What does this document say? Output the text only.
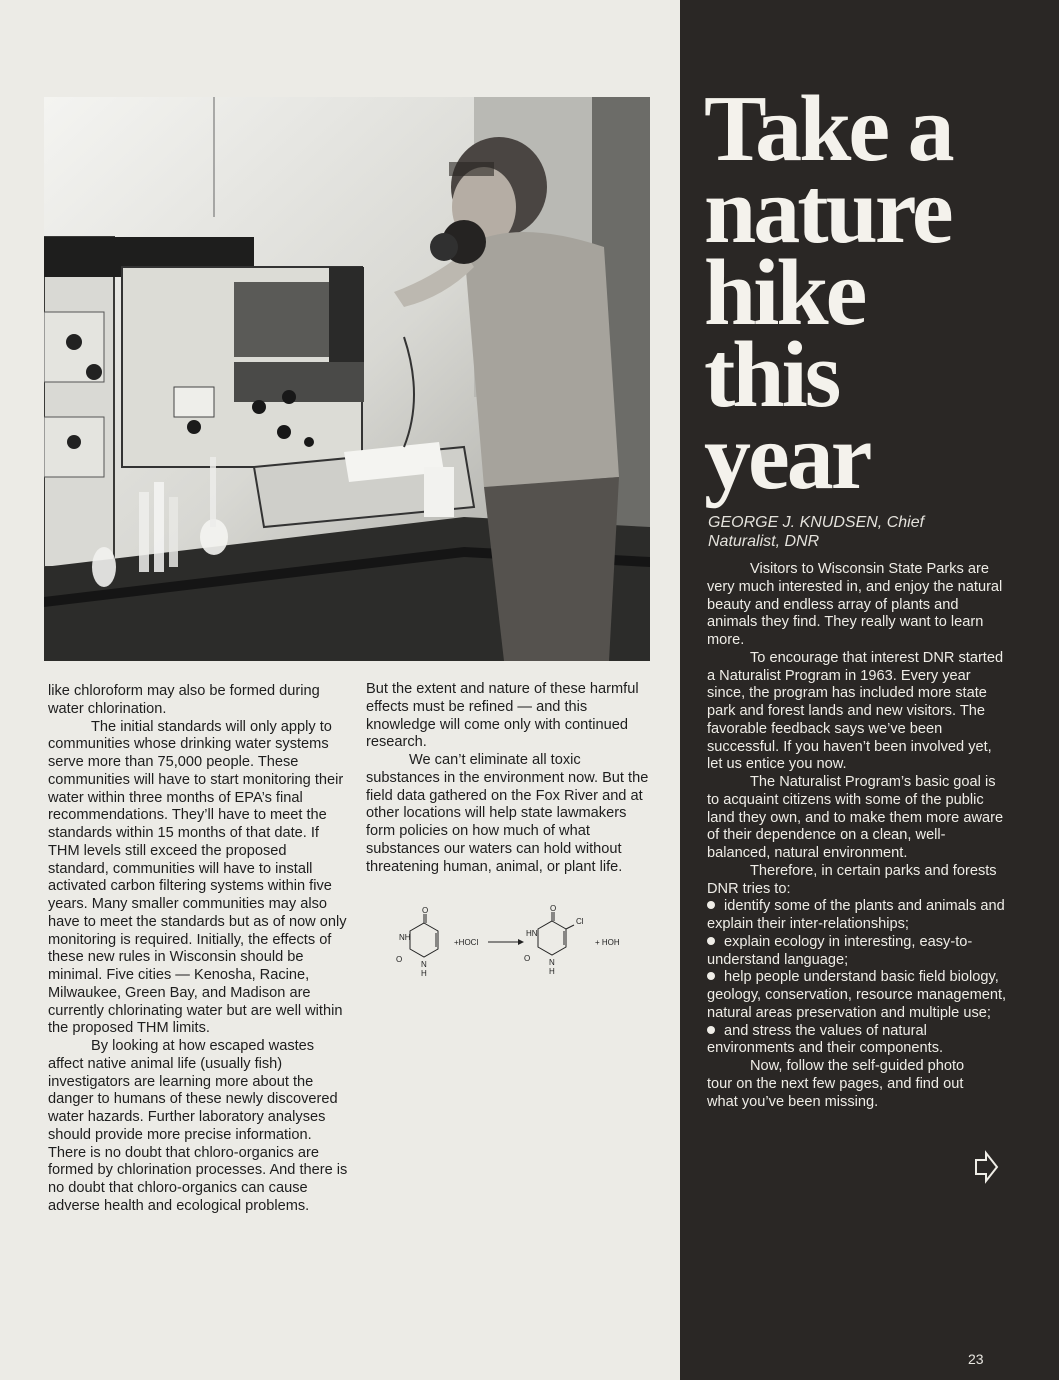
like chloroform may also be formed during water chlorination.

The initial standards will only apply to communities whose drinking water systems serve more than 75,000 people. These communities will have to start monitoring their water within three months of EPA’s final recommendations. They’ll have to meet the standards within 15 months of that date. If THM levels still exceed the proposed standard, communities will have to install activated carbon filtering systems within five years. Many smaller communities may also have to meet the standards but as of now only monitoring is required. Initially, the effects of these new rules in Wisconsin should be minimal. Five cities — Kenosha, Racine, Milwaukee, Green Bay, and Madison are currently chlorinating water but are well within the proposed THM limits.

By looking at how escaped wastes affect native animal life (usually fish) investigators are learning more about the danger to humans of these newly discovered water hazards. Further laboratory analyses should provide more precise information. There is no doubt that chloro-organics are formed by chlorination processes. And there is no doubt that chloro-organics can cause adverse health and ecological problems.

But the extent and nature of these harmful effects must be refined — and this knowledge will come only with continued research.

We can’t eliminate all toxic substances in the environment now. But the field data gathered on the Fox River and at other locations will help state lawmakers form policies on how much of what substances our waters can hold without threatening human, animal, or plant life.

O
NH
O
N
H
+HOCl
O
Cl
HN
O N
H
+ HOH
Take a
nature
hike
this
year
GEORGE J. KNUDSEN, Chief
Naturalist, DNR

Visitors to Wisconsin State Parks are very much interested in, and enjoy the natural beauty and endless array of plants and animals they find. They really want to learn more.

To encourage that interest DNR started a Naturalist Program in 1963. Every year since, the program has included more state park and forest lands and new visitors. The favorable feedback says we’ve been successful. If you haven’t been involved yet, let us entice you now.

The Naturalist Program’s basic goal is to acquaint citizens with some of the public land they own, and to make them more aware of their dependence on a clean, well-balanced, natural environment.

Therefore, in certain parks and forests DNR tries to:

identify some of the plants and animals and explain their inter-relationships;

explain ecology in interesting, easy-to-understand language;

help people understand basic field biology, geology, conservation, resource management, natural areas preservation and multiple use;

and stress the values of natural environments and their components.

Now, follow the self-guided photo tour on the next few pages, and find out what you’ve been missing.

23
